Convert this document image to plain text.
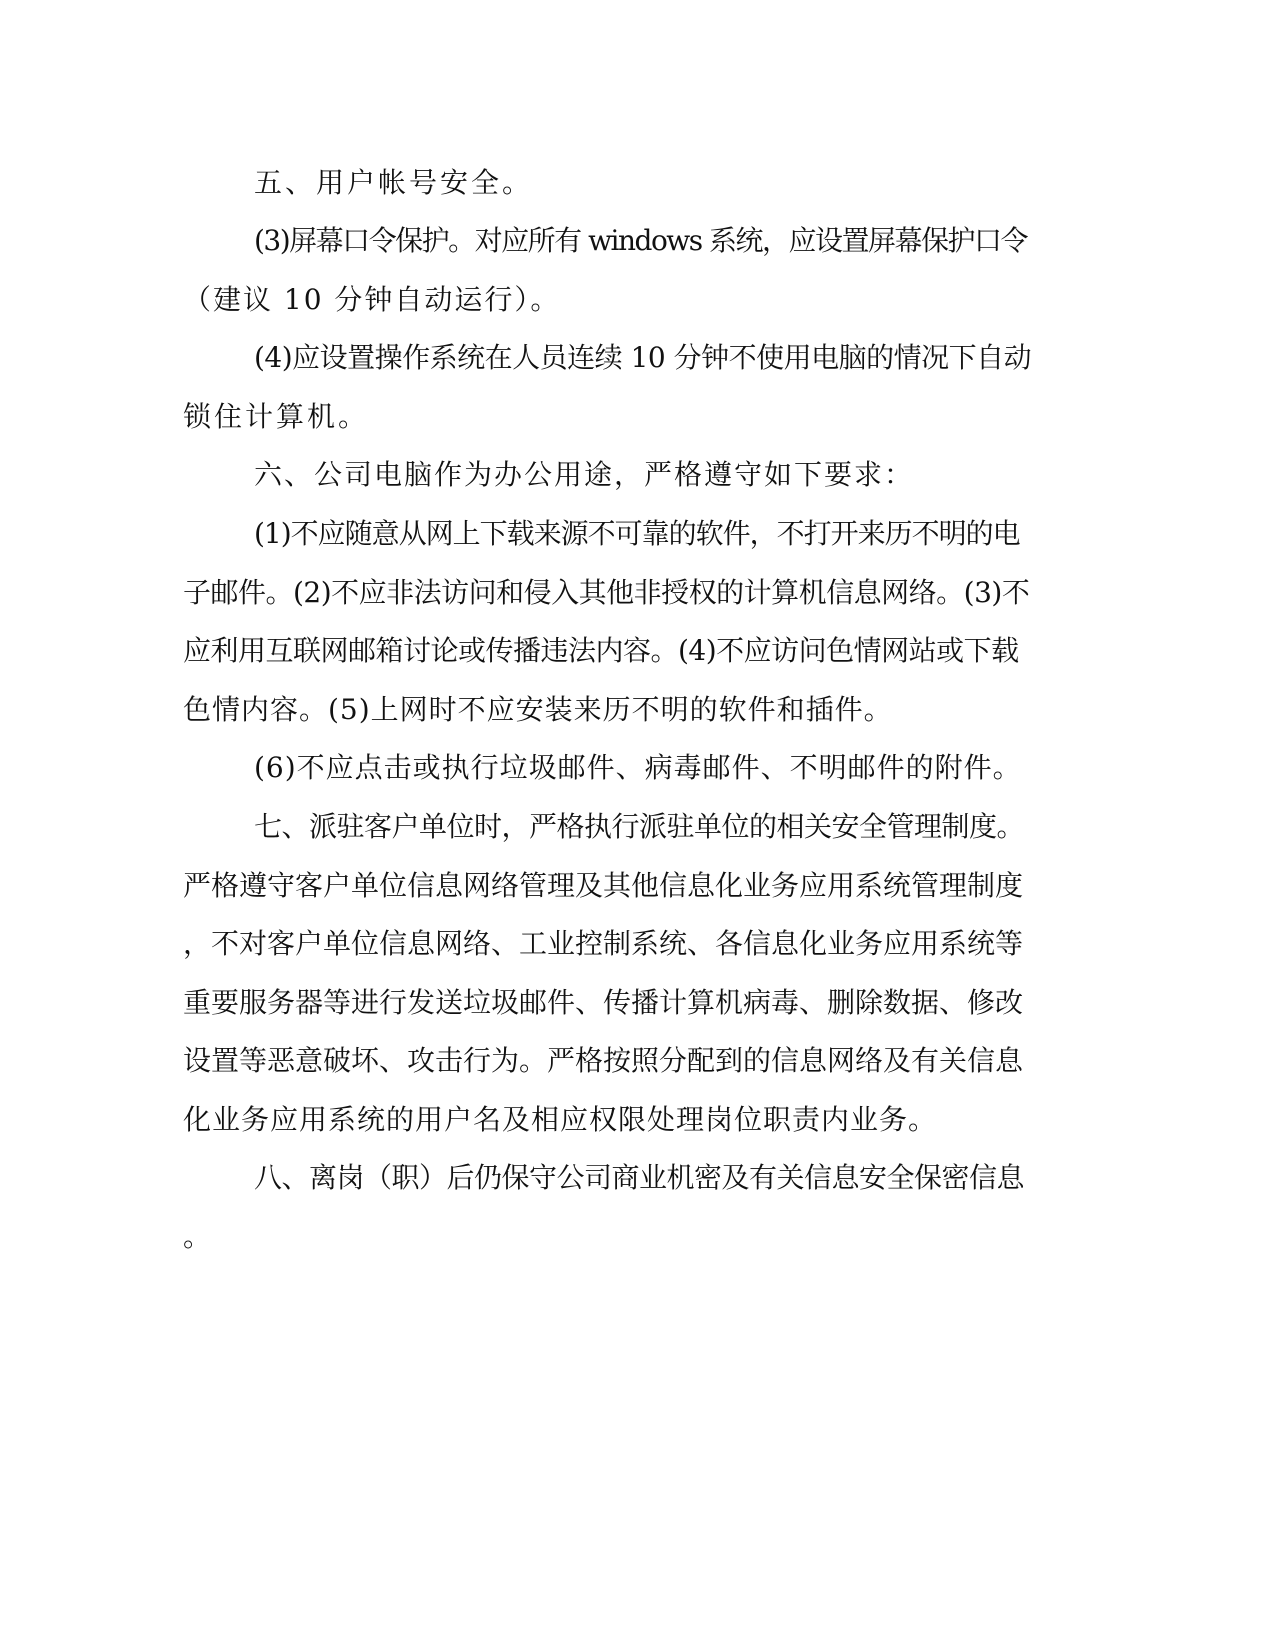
五、用户帐号安全。
(3)屏幕口令保护。对应所有 windows 系统，应设置屏幕保护口令
（建议 10 分钟自动运行）。
(4)应设置操作系统在人员连续 10 分钟不使用电脑的情况下自动
锁住计算机。
六、公司电脑作为办公用途，严格遵守如下要求：
(1)不应随意从网上下载来源不可靠的软件，不打开来历不明的电
子邮件。(2)不应非法访问和侵入其他非授权的计算机信息网络。(3)不
应利用互联网邮箱讨论或传播违法内容。(4)不应访问色情网站或下载
色情内容。(5)上网时不应安装来历不明的软件和插件。
(6)不应点击或执行垃圾邮件、病毒邮件、不明邮件的附件。
七、派驻客户单位时，严格执行派驻单位的相关安全管理制度。
严格遵守客户单位信息网络管理及其他信息化业务应用系统管理制度
，不对客户单位信息网络、工业控制系统、各信息化业务应用系统等
重要服务器等进行发送垃圾邮件、传播计算机病毒、删除数据、修改
设置等恶意破坏、攻击行为。严格按照分配到的信息网络及有关信息
化业务应用系统的用户名及相应权限处理岗位职责内业务。
八、离岗（职）后仍保守公司商业机密及有关信息安全保密信息
。
